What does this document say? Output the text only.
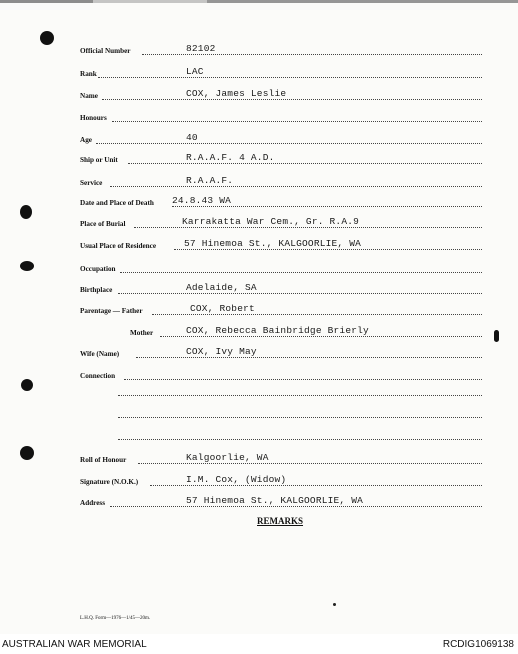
Official Number	82102
Rank	LAC
Name	COX, James Leslie
Honours
Age	40
Ship or Unit	R.A.A.F. 4 A.D.
Service	R.A.A.F.
Date and Place of Death 24.8.43 WA
Place of Burial	Karrakatta War Cem., Gr. R.A.9
Usual Place of Residence	57 Hinemoa St., KALGOORLIE, WA
Occupation
Birthplace	Adelaide, SA
Parentage — Father	COX, Robert
Mother	COX, Rebecca Bainbridge Brierly
Wife (Name)	COX, Ivy May
Connection
Roll of Honour	Kalgoorlie, WA
Signature (N.O.K.)	I.M. Cox, (Widow)
Address	57 Hinemoa St., KALGOORLIE, WA
REMARKS
L.H.Q. Form—1976—1/45—20m.
AUSTRALIAN WAR MEMORIAL	RCDIG1069138
